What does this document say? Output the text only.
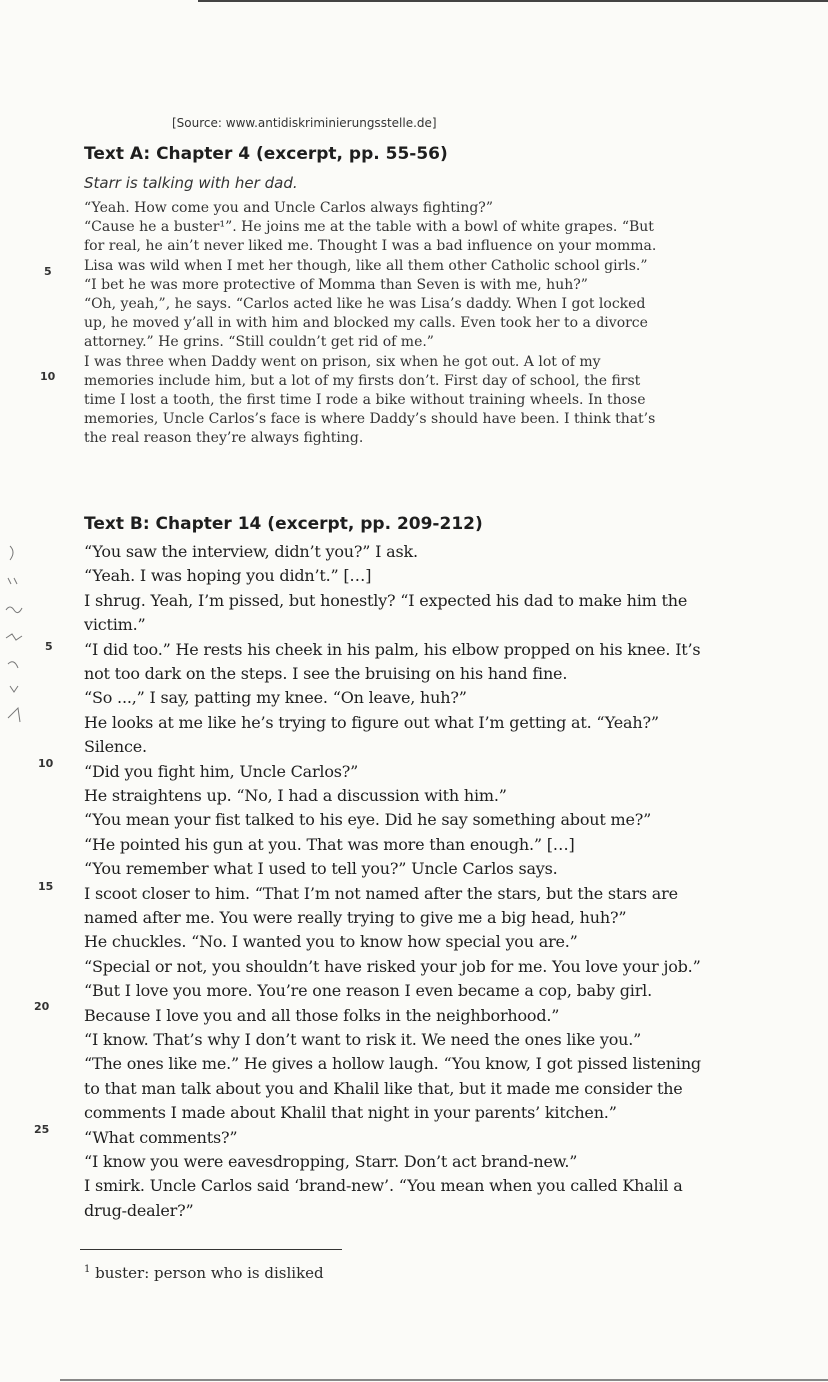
[Source: www.antidiskriminierungsstelle.de]
Text A: Chapter 4 (excerpt, pp. 55-56)
Starr is talking with her dad.
“Yeah. How come you and Uncle Carlos always fighting?”
“Cause he a buster¹”. He joins me at the table with a bowl of white grapes. “But
for real, he ain’t never liked me. Thought I was a bad influence on your momma.
Lisa was wild when I met her though, like all them other Catholic school girls.”
“I bet he was more protective of Momma than Seven is with me, huh?”
“Oh, yeah,”, he says. “Carlos acted like he was Lisa’s daddy. When I got locked
up, he moved y’all in with him and blocked my calls. Even took her to a divorce
attorney.” He grins. “Still couldn’t get rid of me.”
I was three when Daddy went on prison, six when he got out. A lot of my
memories include him, but a lot of my firsts don’t. First day of school, the first
time I lost a tooth, the first time I rode a bike without training wheels. In those
memories, Uncle Carlos’s face is where Daddy’s should have been. I think that’s
the real reason they’re always fighting.
5
10
Text B: Chapter 14 (excerpt, pp. 209-212)
“You saw the interview, didn’t you?” I ask.
“Yeah. I was hoping you didn’t.” […]
I shrug. Yeah, I’m pissed, but honestly? “I expected his dad to make him the
victim.”
“I did too.” He rests his cheek in his palm, his elbow propped on his knee. It’s
not too dark on the steps. I see the bruising on his hand fine.
“So ...,” I say, patting my knee. “On leave, huh?”
He looks at me like he’s trying to figure out what I’m getting at. “Yeah?”
Silence.
“Did you fight him, Uncle Carlos?”
He straightens up. “No, I had a discussion with him.”
“You mean your fist talked to his eye. Did he say something about me?”
“He pointed his gun at you. That was more than enough.” […]
“You remember what I used to tell you?” Uncle Carlos says.
I scoot closer to him. “That I’m not named after the stars, but the stars are
named after me. You were really trying to give me a big head, huh?”
He chuckles. “No. I wanted you to know how special you are.”
“Special or not, you shouldn’t have risked your job for me. You love your job.”
“But I love you more. You’re one reason I even became a cop, baby girl.
Because I love you and all those folks in the neighborhood.”
“I know. That’s why I don’t want to risk it. We need the ones like you.”
“The ones like me.” He gives a hollow laugh. “You know, I got pissed listening
to that man talk about you and Khalil like that, but it made me consider the
comments I made about Khalil that night in your parents’ kitchen.”
“What comments?”
“I know you were eavesdropping, Starr. Don’t act brand-new.”
I smirk. Uncle Carlos said ‘brand-new’. “You mean when you called Khalil a
drug-dealer?”
5
10
15
20
25
$^1$ buster: person who is disliked
